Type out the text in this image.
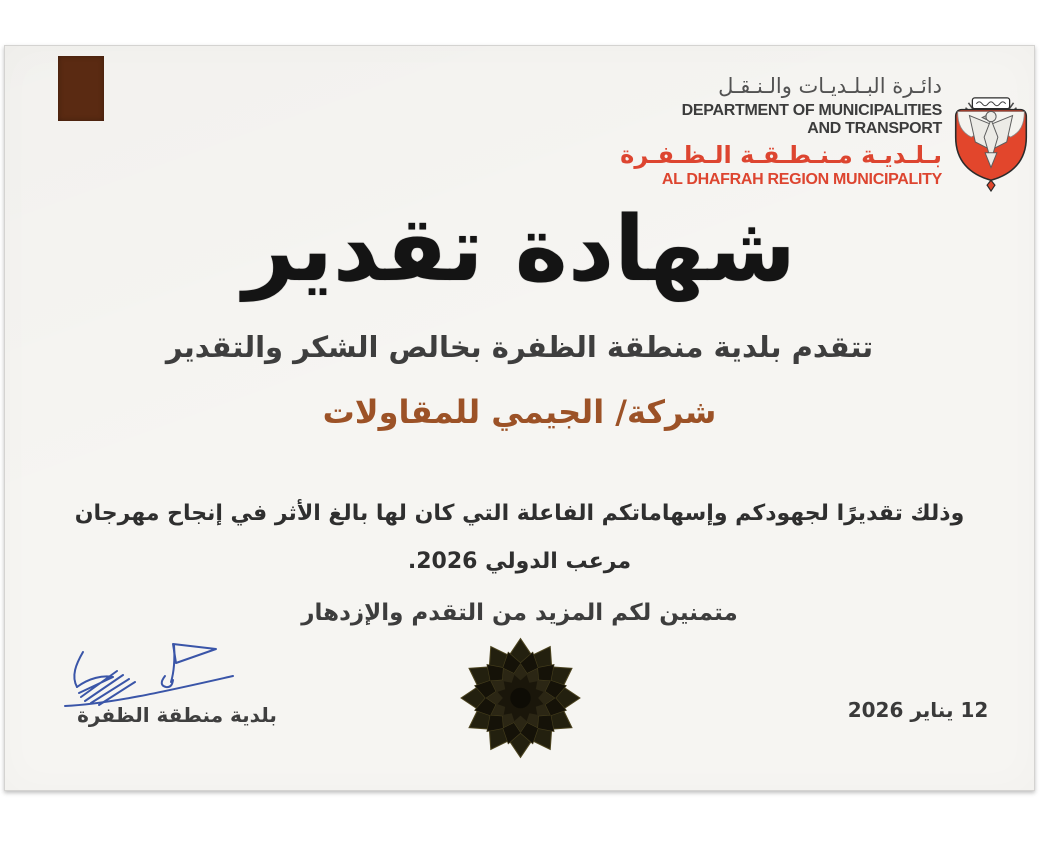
دائـرة البـلـديـات والـنـقـل
DEPARTMENT OF MUNICIPALITIES
AND TRANSPORT
بـلـديـة مـنـطـقـة الـظـفـرة
AL DHAFRAH REGION MUNICIPALITY
شهادة تقدير
تتقدم بلدية منطقة الظفرة بخالص الشكر والتقدير
شركة/ الجيمي للمقاولات
وذلك تقديرًا لجهودكم وإسهاماتكم الفاعلة التي كان لها بالغ الأثر في إنجاح مهرجان
مرعب الدولي 2026.
متمنين لكم المزيد من التقدم والإزدهار
بلدية منطقة الظفرة	12 يناير 2026
